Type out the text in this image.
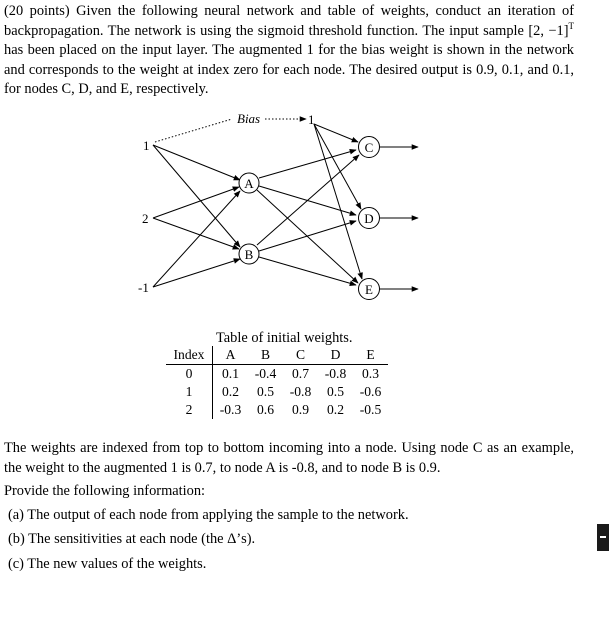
(20 points) Given the following neural network and table of weights, conduct an iteration of backpropagation. The network is using the sigmoid threshold function. The input sample [2, −1]$^T$ has been placed on the input layer. The augmented 1 for the bias weight is shown in the network and corresponds to the weight at index zero for each node. The desired output is 0.9, 0.1, and 0.1, for nodes C, D, and E, respectively.

Bias	1
1
2
-1
A
B
C
D
E
Table of initial weights.
Index	A	B	C	D	E
0	0.1	-0.4	0.7	-0.8	0.3
1	0.2	0.5	-0.8	0.5	-0.6
2	-0.3	0.6	0.9	0.2	-0.5

The weights are indexed from top to bottom incoming into a node. Using node C as an example, the weight to the augmented 1 is 0.7, to node A is -0.8, and to node B is 0.9.

Provide the following information:
(a) The output of each node from applying the sample to the network.
(b) The sensitivities at each node (the Δ’s).
(c) The new values of the weights.
